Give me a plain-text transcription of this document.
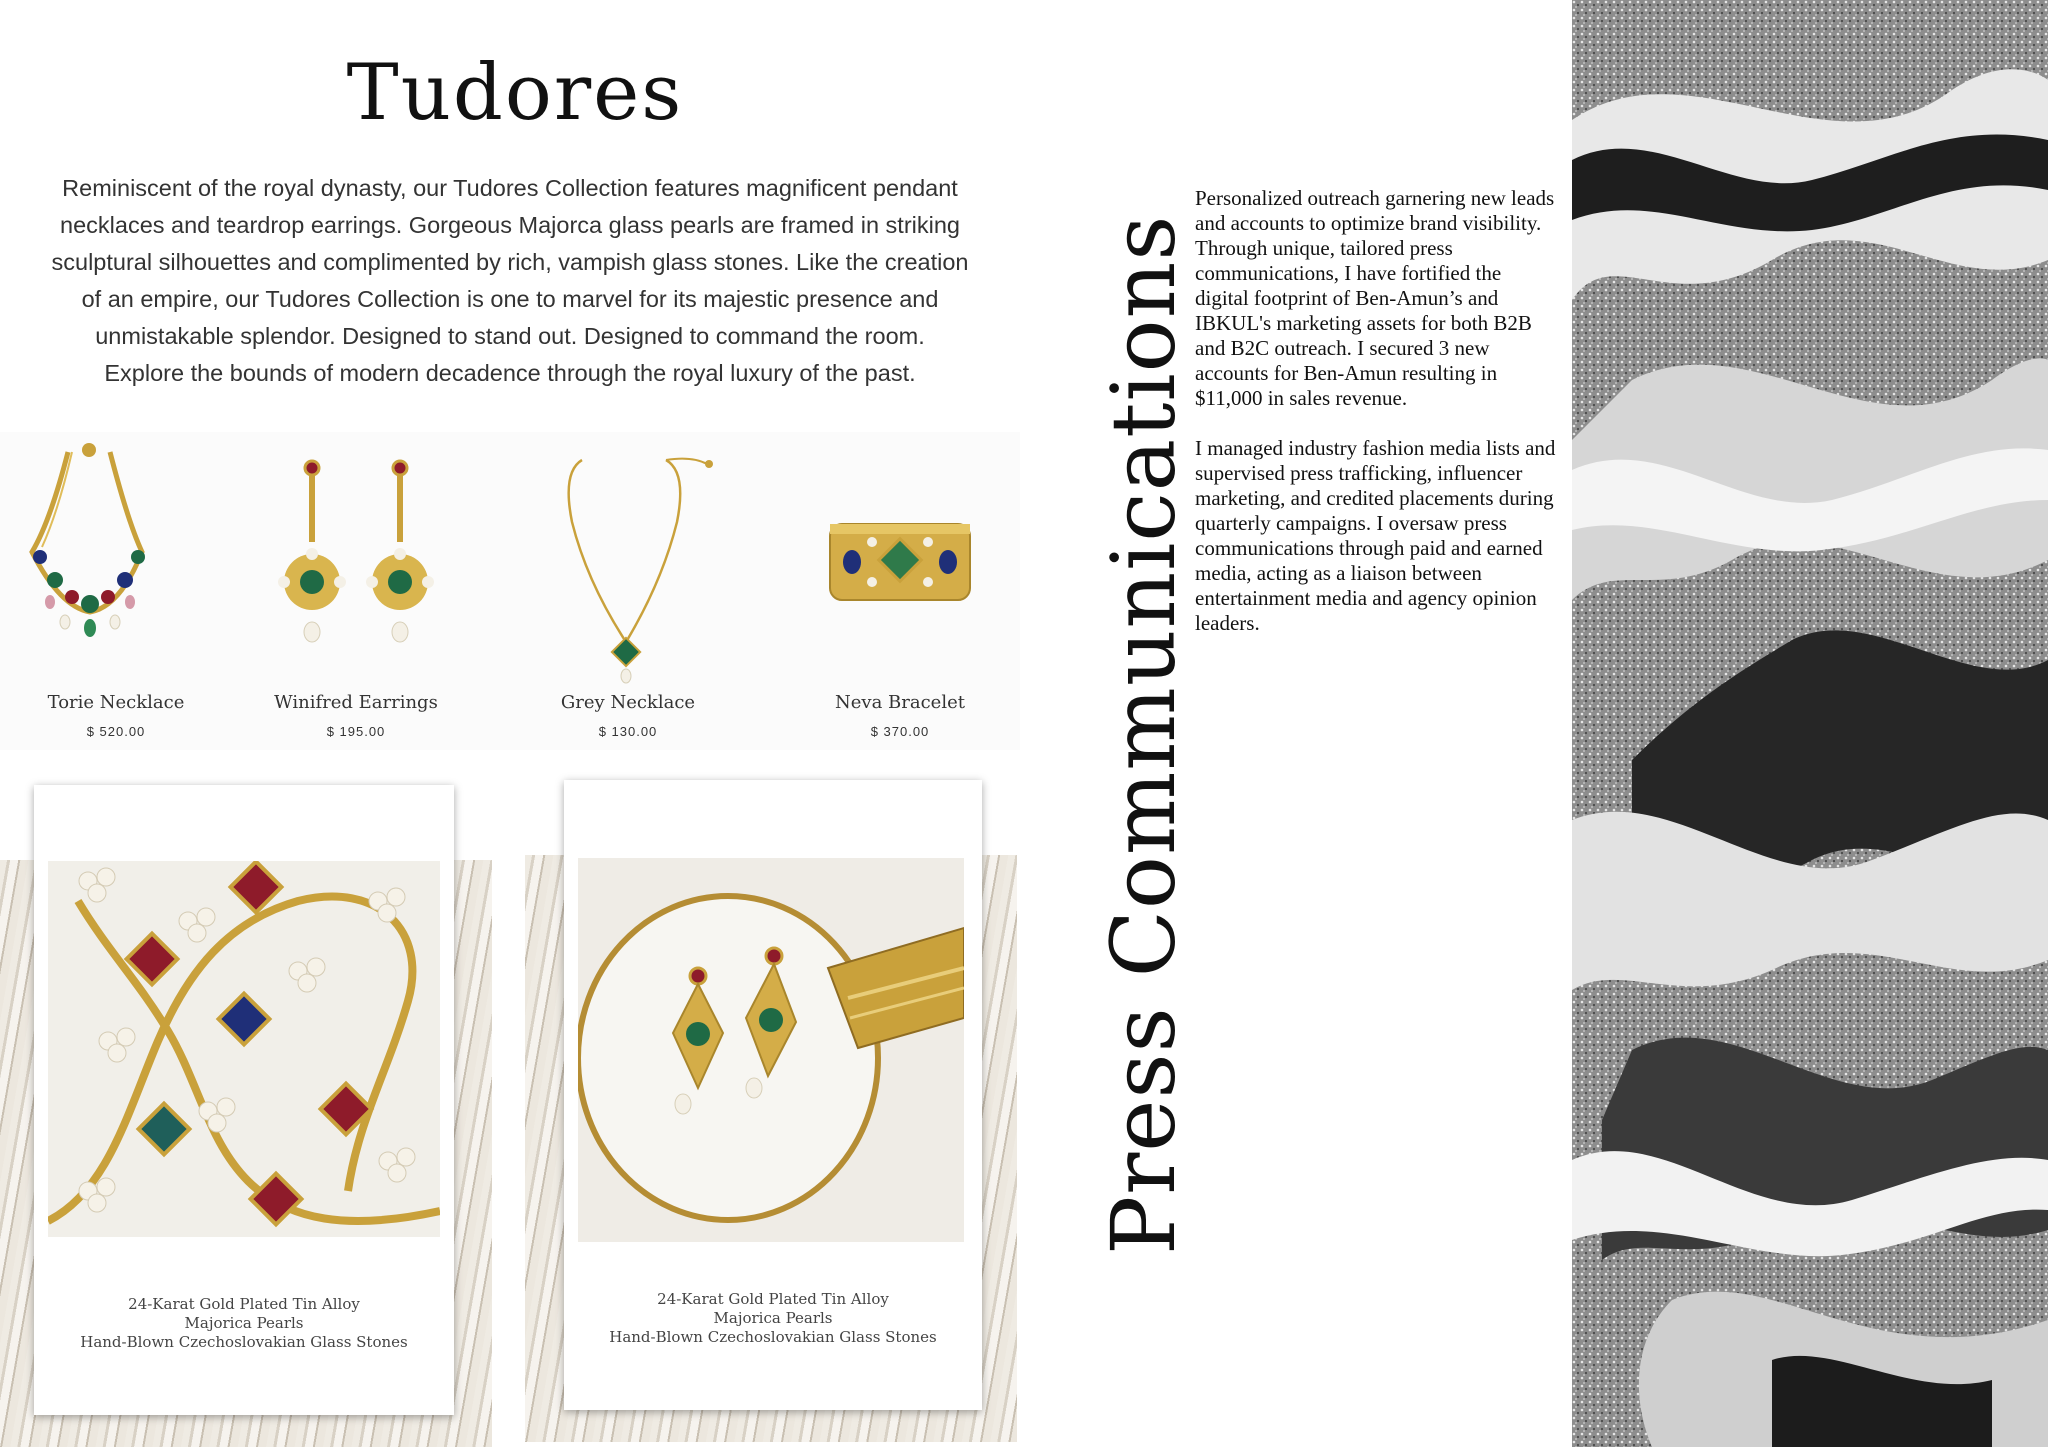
Tudores
Reminiscent of the royal dynasty, our Tudores Collection features magnificent pendant
necklaces and teardrop earrings. Gorgeous Majorca glass pearls are framed in striking
sculptural silhouettes and complimented by rich, vampish glass stones. Like the creation
of an empire, our Tudores Collection is one to marvel for its majestic presence and
unmistakable splendor. Designed to stand out. Designed to command the room.
Explore the bounds of modern decadence through the royal luxury of the past.
Torie Necklace
$ 520.00
Winifred Earrings
$ 195.00
Grey Necklace
$ 130.00
Neva Bracelet
$ 370.00
24-Karat Gold Plated Tin Alloy
Majorica Pearls
Hand-Blown Czechoslovakian Glass Stones
24-Karat Gold Plated Tin Alloy
Majorica Pearls
Hand-Blown Czechoslovakian Glass Stones
Press Communications

Personalized outreach garnering new leads and accounts to optimize brand visibility. Through unique, tailored press communications, I have fortified the digital footprint of Ben-Amun’s and IBKUL's marketing assets for both B2B and B2C outreach. I secured 3 new accounts for Ben-Amun resulting in $11,000 in sales revenue.

I managed industry fashion media lists and supervised press trafficking, influencer marketing, and credited placements during quarterly campaigns. I oversaw press communications through paid and earned media, acting as a liaison between entertainment media and agency opinion leaders.
